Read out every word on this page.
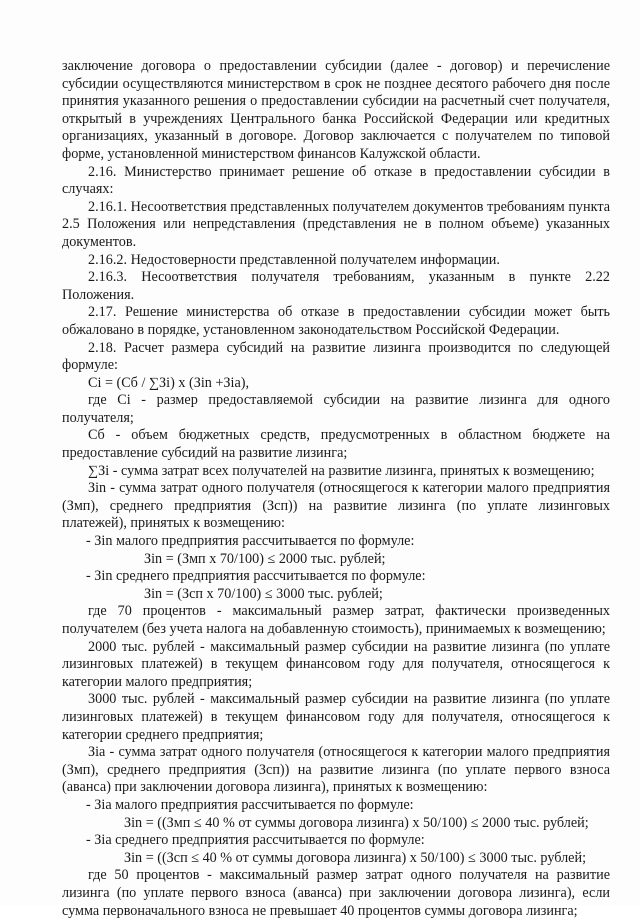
заключение договора о предоставлении субсидии (далее - договор) и перечисление субсидии осуществляются министерством в срок не позднее десятого рабочего дня после принятия указанного решения о предоставлении субсидии на расчетный счет получателя, открытый в учреждениях Центрального банка Российской Федерации или кредитных организациях, указанный в договоре. Договор заключается с получателем по типовой форме, установленной министерством финансов Калужской области.

2.16. Министерство принимает решение об отказе в предоставлении субсидии в случаях:

2.16.1. Несоответствия представленных получателем документов требованиям пункта 2.5 Положения или непредставления (представления не в полном объеме) указанных документов.

2.16.2. Недостоверности представленной получателем информации.

2.16.3. Несоответствия получателя требованиям, указанным в пункте 2.22 Положения.

2.17. Решение министерства об отказе в предоставлении субсидии может быть обжаловано в порядке, установленном законодательством Российской Федерации.

2.18. Расчет размера субсидий на развитие лизинга производится по следующей формуле:

Ci = (Cб / ∑Зi) x (Зin +Зia),

где Ci - размер предоставляемой субсидии на развитие лизинга для одного получателя;

Cб - объем бюджетных средств, предусмотренных в областном бюджете на предоставление субсидий на развитие лизинга;

∑Зi - сумма затрат всех получателей на развитие лизинга, принятых к возмещению;

Зin - сумма затрат одного получателя (относящегося к категории малого предприятия (Змп), среднего предприятия (Зсп)) на развитие лизинга (по уплате лизинговых платежей), принятых к возмещению:

- Зin малого предприятия рассчитывается по формуле:

Зin = (Змп х 70/100) ≤ 2000 тыс. рублей;

- Зin среднего предприятия рассчитывается по формуле:

Зin = (Зсп х 70/100) ≤ 3000 тыс. рублей;

где 70 процентов - максимальный размер затрат, фактически произведенных получателем (без учета налога на добавленную стоимость), принимаемых к возмещению;

2000 тыс. рублей - максимальный размер субсидии на развитие лизинга (по уплате лизинговых платежей) в текущем финансовом году для получателя, относящегося к категории малого предприятия;

3000 тыс. рублей - максимальный размер субсидии на развитие лизинга (по уплате лизинговых платежей) в текущем финансовом году для получателя, относящегося к категории среднего предприятия;

Зia - сумма затрат одного получателя (относящегося к категории малого предприятия (Змп), среднего предприятия (Зсп)) на развитие лизинга (по уплате первого взноса (аванса) при заключении договора лизинга), принятых к возмещению:

- Зia малого предприятия рассчитывается по формуле:

Зin = ((Змп ≤ 40 % от суммы договора лизинга) х 50/100) ≤ 2000 тыс. рублей;

- Зia среднего предприятия рассчитывается по формуле:

Зin = ((Зсп ≤ 40 % от суммы договора лизинга) х 50/100) ≤ 3000 тыс. рублей;

где 50 процентов - максимальный размер затрат одного получателя на развитие лизинга (по уплате первого взноса (аванса) при заключении договора лизинга), если сумма первоначального взноса не превышает 40 процентов суммы договора лизинга;
